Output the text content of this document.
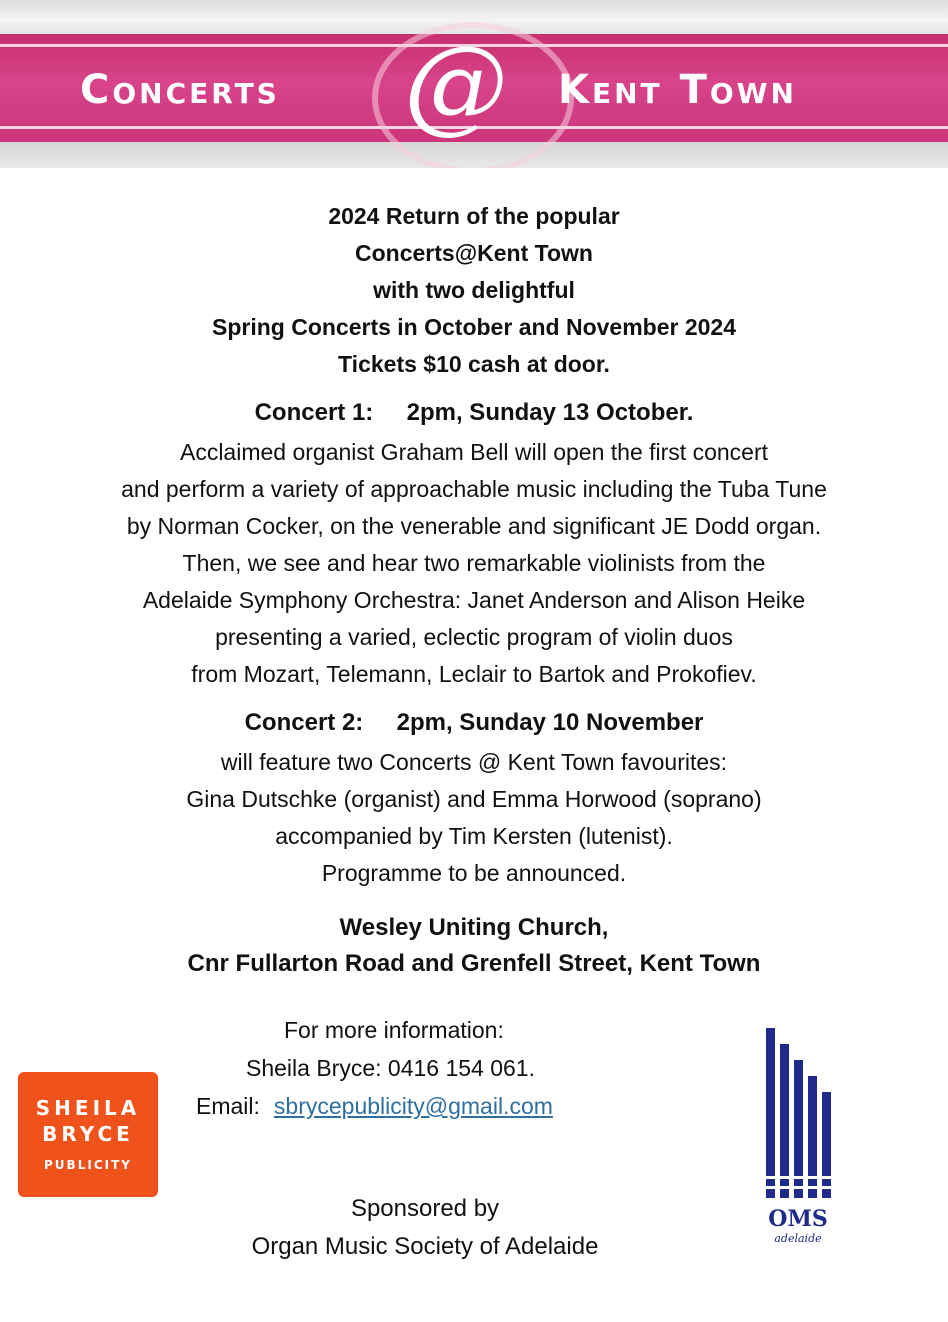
Concerts @ Kent Town
2024 Return of the popular
Concerts@Kent Town
with two delightful
Spring Concerts in October and November 2024
Tickets $10 cash at door.
Concert 1:     2pm, Sunday 13 October.
Acclaimed organist Graham Bell will open the first concert
and perform a variety of approachable music including the Tuba Tune
by Norman Cocker, on the venerable and significant JE Dodd organ.
Then, we see and hear two remarkable violinists from the
Adelaide Symphony Orchestra: Janet Anderson and Alison Heike
presenting a varied, eclectic program of violin duos
from Mozart, Telemann, Leclair to Bartok and Prokofiev.
Concert 2:     2pm, Sunday 10 November
will feature two Concerts @ Kent Town favourites:
Gina Dutschke (organist) and Emma Horwood (soprano)
accompanied by Tim Kersten (lutenist).
Programme to be announced.
Wesley Uniting Church,
Cnr Fullarton Road and Grenfell Street, Kent Town
For more information:
Sheila Bryce: 0416 154 061.
Email: sbrycepublicity@gmail.com
Sponsored by
Organ Music Society of Adelaide
SHEILA
BRYCE
PUBLICITY
OMS
adelaide
